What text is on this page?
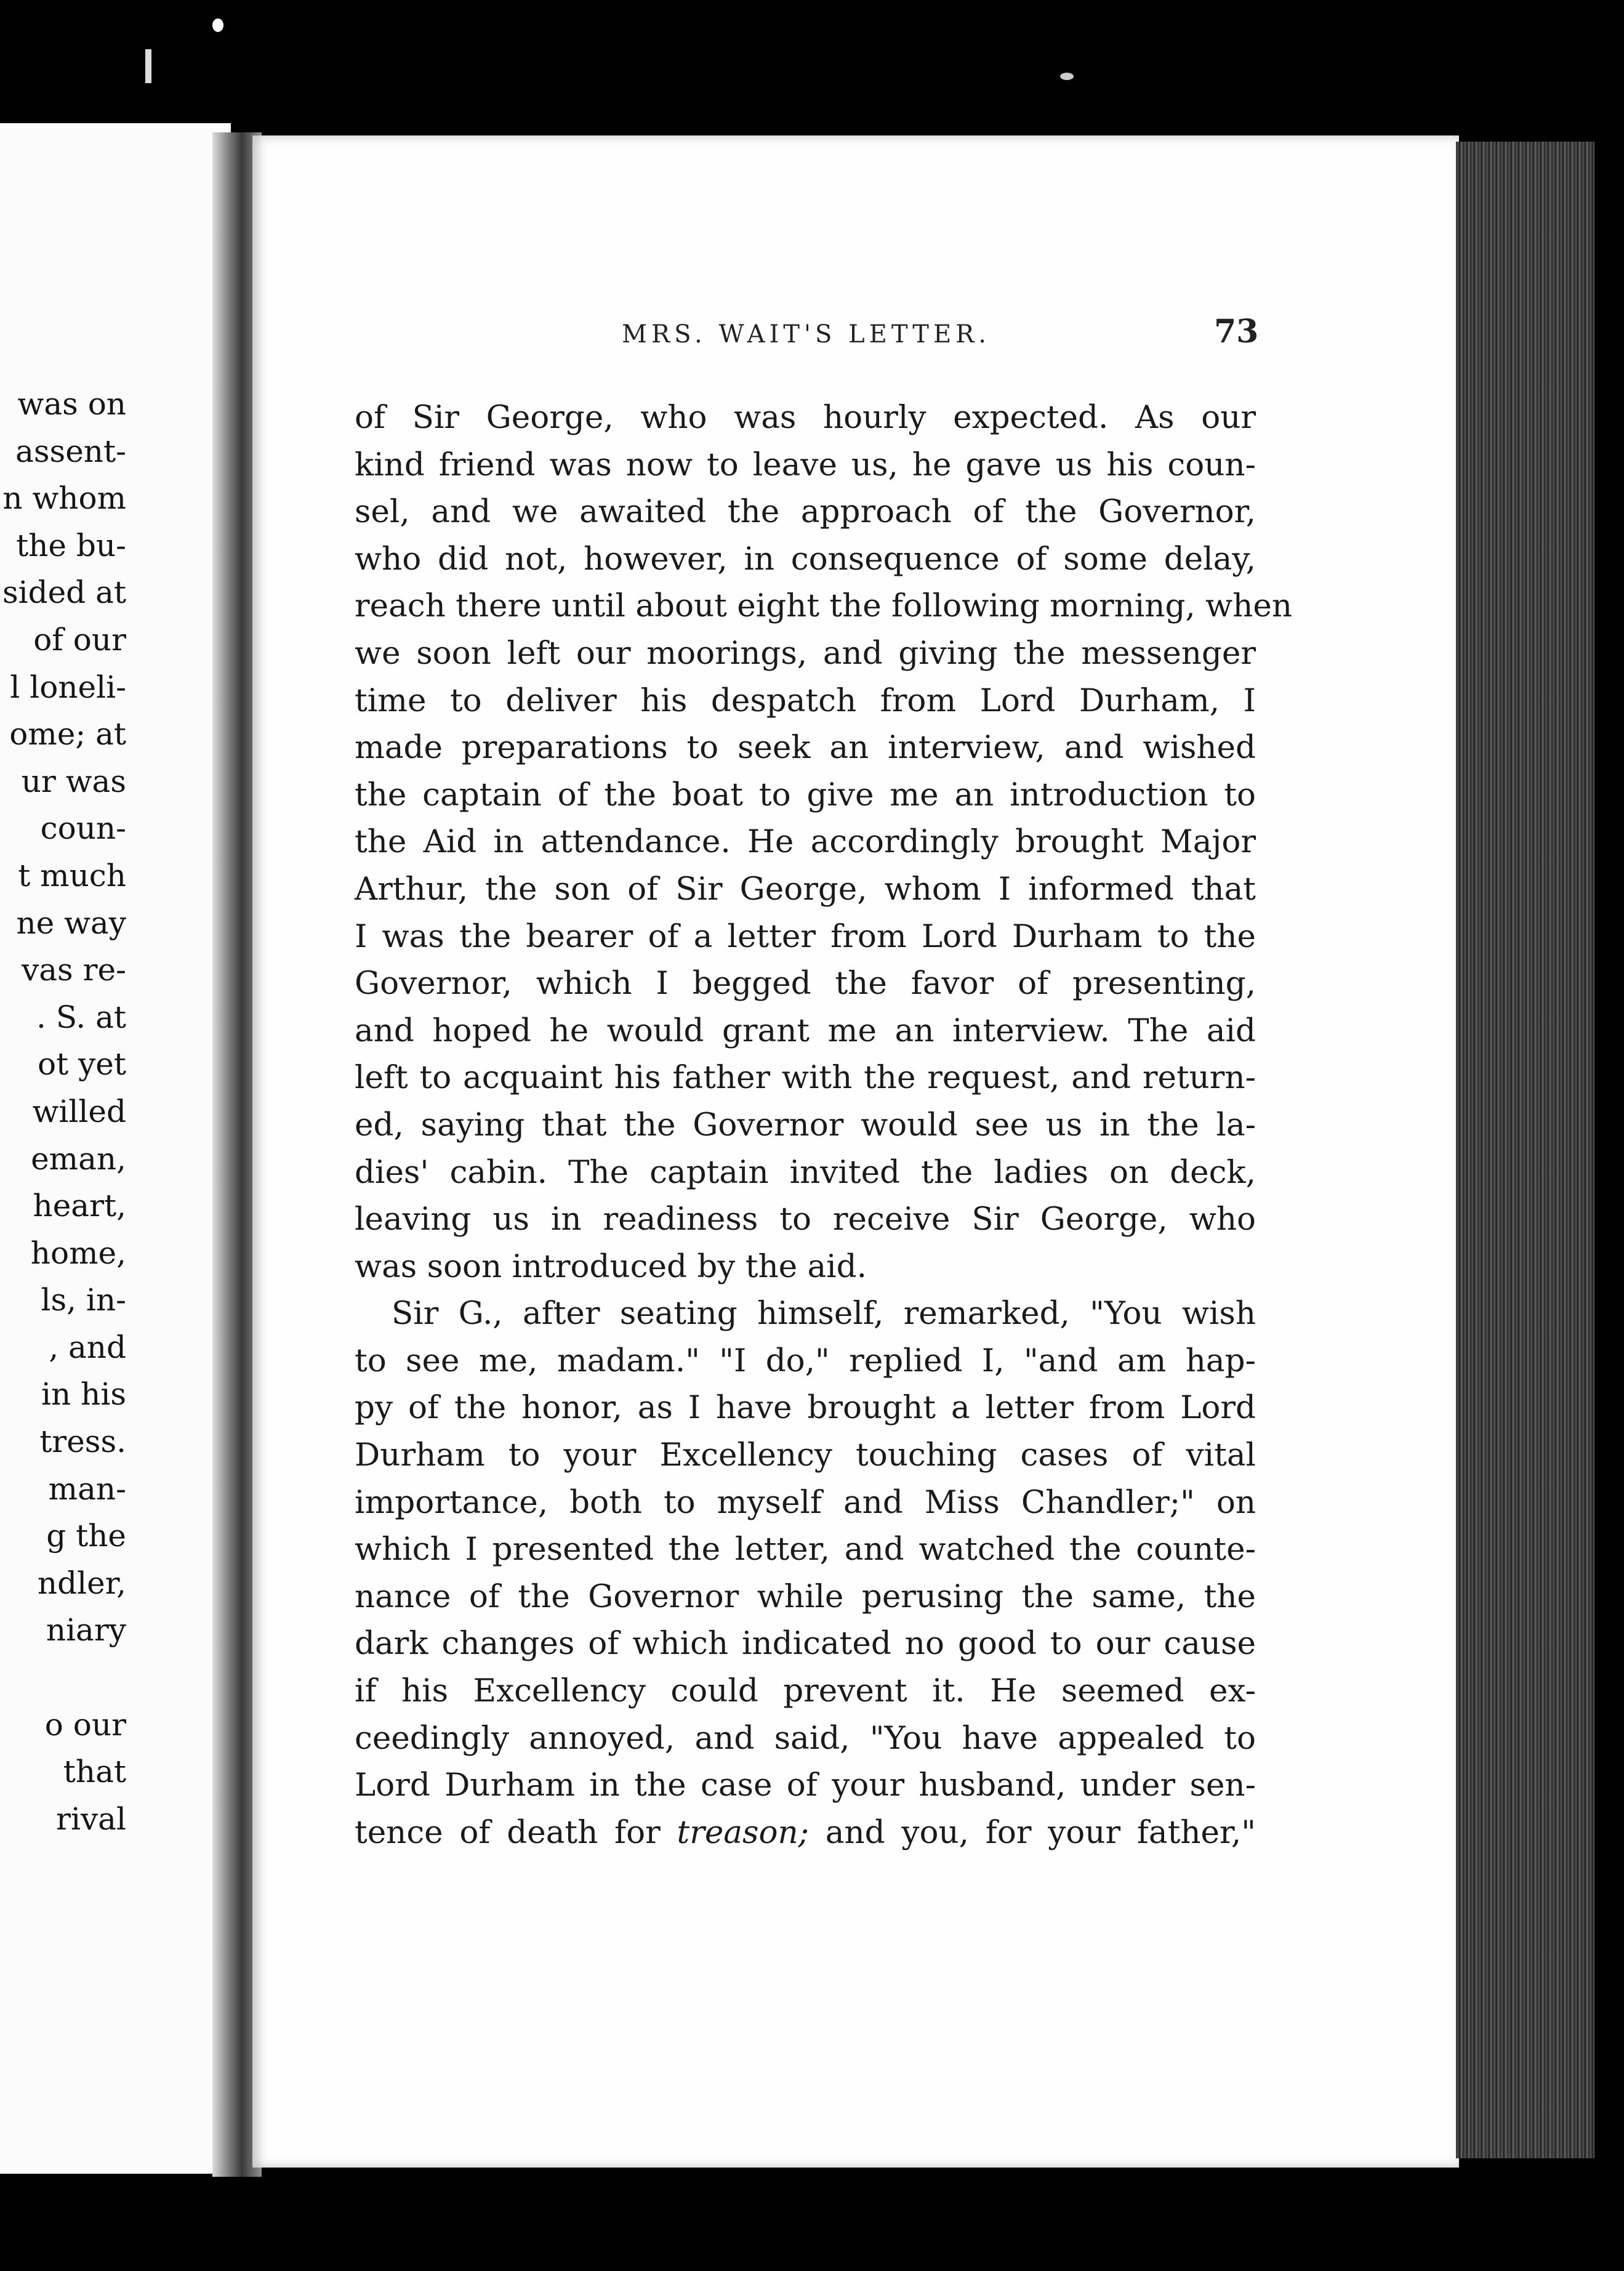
was on
assent-
n whom
the bu-
sided at
of our
l loneli-
ome; at
ur was
coun-
t much
ne way
vas re-
. S. at
ot yet
willed
eman,
heart,
home,
ls, in-
, and
in his
tress.
man-
g the
ndler,
niary
o our
that
rival
MRS. WAIT'S LETTER.	73
of Sir George, who was hourly expected. As our
kind friend was now to leave us, he gave us his coun-
sel, and we awaited the approach of the Governor,
who did not, however, in consequence of some delay,
reach there until about eight the following morning, when
we soon left our moorings, and giving the messenger
time to deliver his despatch from Lord Durham, I
made preparations to seek an interview, and wished
the captain of the boat to give me an introduction to
the Aid in attendance. He accordingly brought Major
Arthur, the son of Sir George, whom I informed that
I was the bearer of a letter from Lord Durham to the
Governor, which I begged the favor of presenting,
and hoped he would grant me an interview. The aid
left to acquaint his father with the request, and return-
ed, saying that the Governor would see us in the la-
dies' cabin. The captain invited the ladies on deck,
leaving us in readiness to receive Sir George, who
was soon introduced by the aid.
Sir G., after seating himself, remarked, "You wish
to see me, madam." "I do," replied I, "and am hap-
py of the honor, as I have brought a letter from Lord
Durham to your Excellency touching cases of vital
importance, both to myself and Miss Chandler;" on
which I presented the letter, and watched the counte-
nance of the Governor while perusing the same, the
dark changes of which indicated no good to our cause
if his Excellency could prevent it. He seemed ex-
ceedingly annoyed, and said, "You have appealed to
Lord Durham in the case of your husband, under sen-
tence of death for treason; and you, for your father,"
